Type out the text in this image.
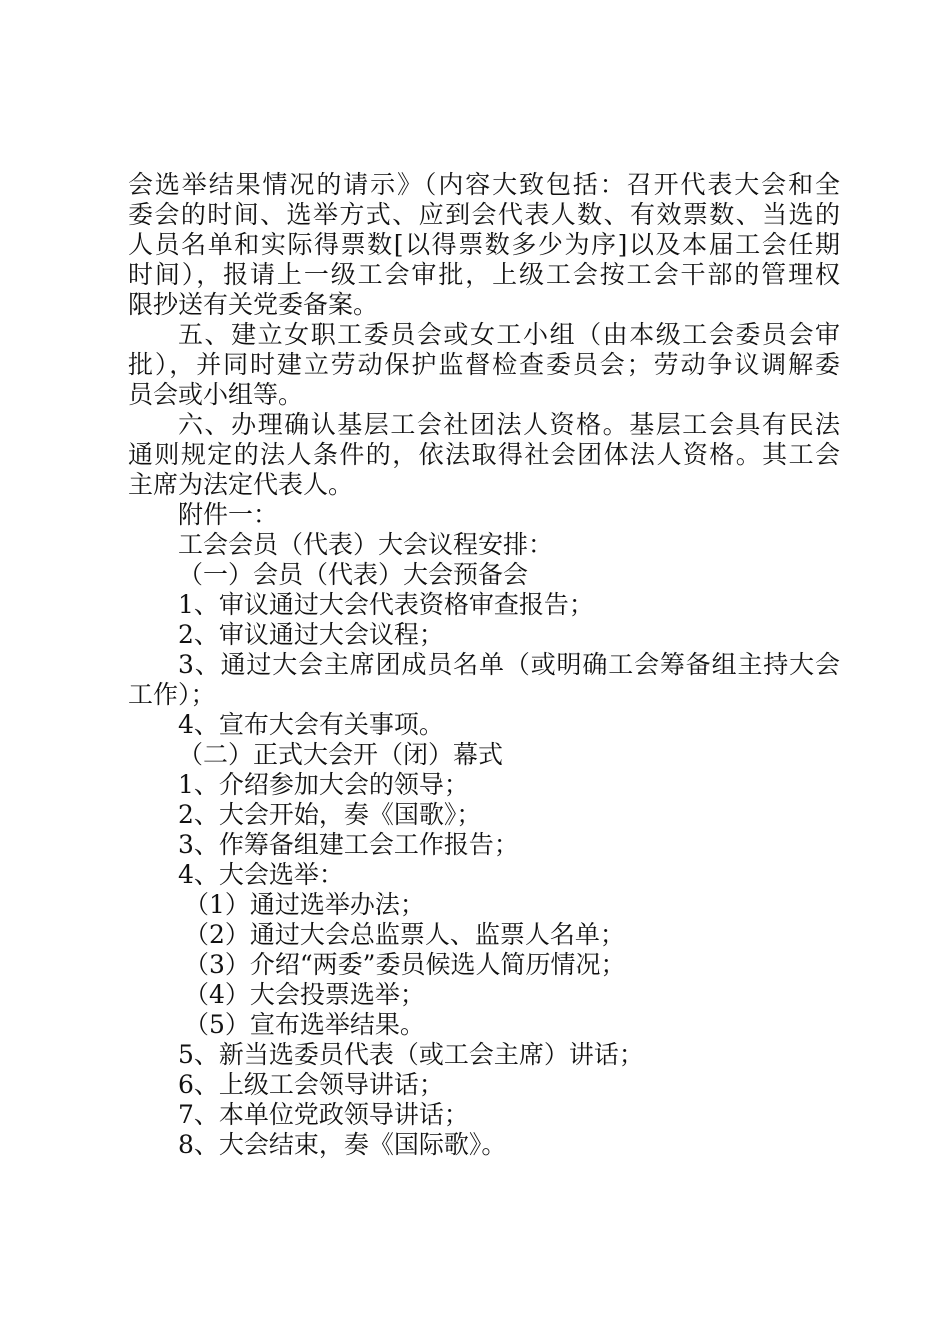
会选举结果情况的请示》（内容大致包括：召开代表大会和全
委会的时间、选举方式、应到会代表人数、有效票数、当选的
人员名单和实际得票数[以得票数多少为序]以及本届工会任期
时间），报请上一级工会审批，上级工会按工会干部的管理权
限抄送有关党委备案。
五、建立女职工委员会或女工小组（由本级工会委员会审
批），并同时建立劳动保护监督检查委员会；劳动争议调解委
员会或小组等。
六、办理确认基层工会社团法人资格。基层工会具有民法
通则规定的法人条件的，依法取得社会团体法人资格。其工会
主席为法定代表人。
附件一：
工会会员（代表）大会议程安排：
（一）会员（代表）大会预备会
1、审议通过大会代表资格审查报告；
2、审议通过大会议程；
3、通过大会主席团成员名单（或明确工会筹备组主持大会
工作）；
4、宣布大会有关事项。
（二）正式大会开（闭）幕式
1、介绍参加大会的领导；
2、大会开始，奏《国歌》；
3、作筹备组建工会工作报告；
4、大会选举：
（1）通过选举办法；
（2）通过大会总监票人、监票人名单；
（3）介绍“两委”委员候选人简历情况；
（4）大会投票选举；
（5）宣布选举结果。
5、新当选委员代表（或工会主席）讲话；
6、上级工会领导讲话；
7、本单位党政领导讲话；
8、大会结束，奏《国际歌》。
